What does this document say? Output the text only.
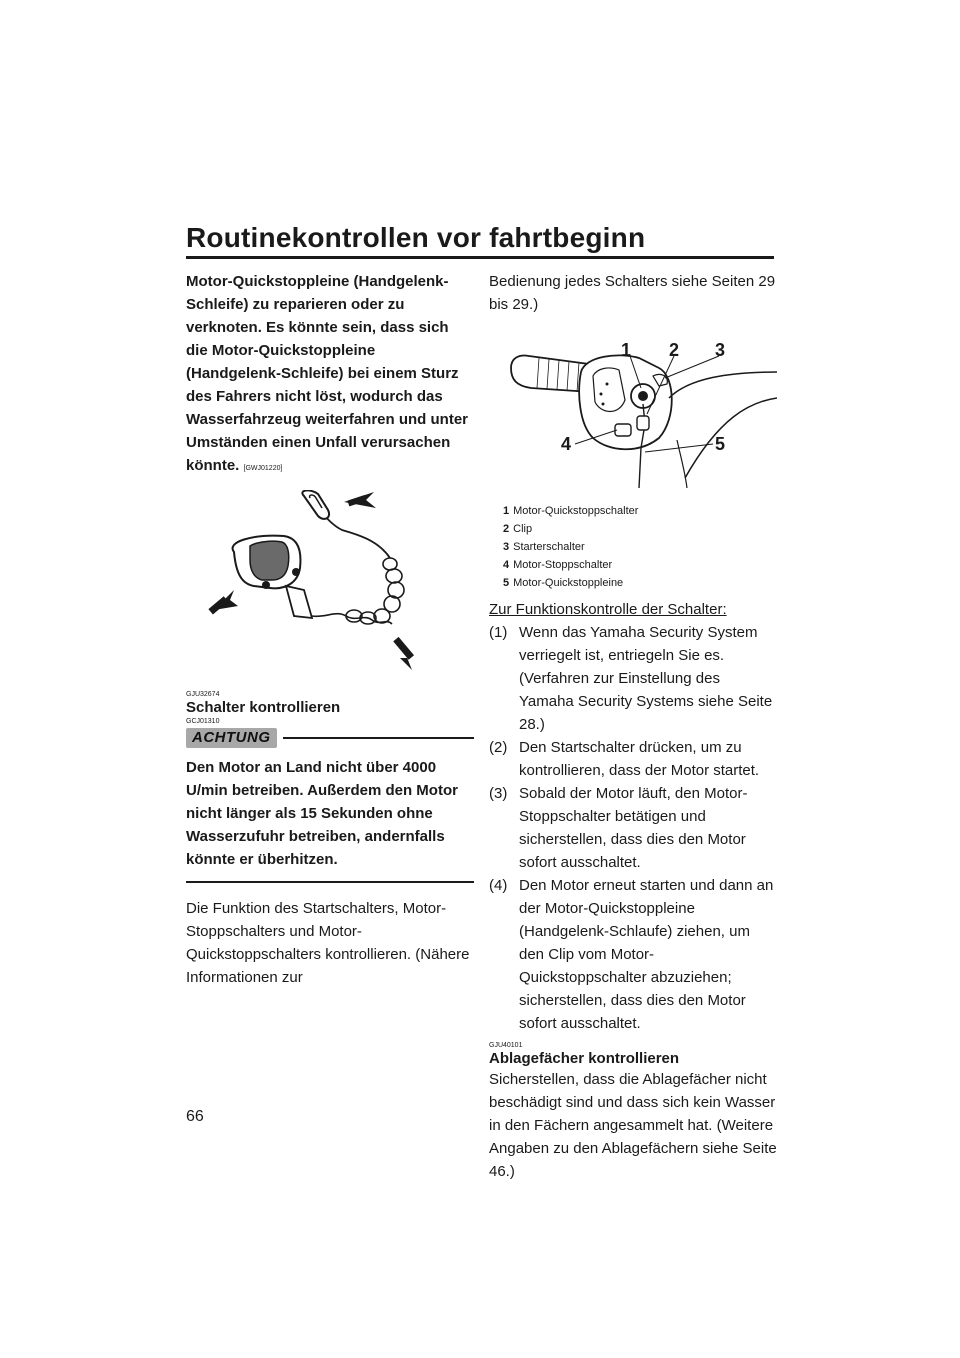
Routinekontrollen vor fahrtbeginn

Motor-Quickstoppleine (Handgelenk-Schleife) zu reparieren oder zu verknoten. Es könnte sein, dass sich die Motor-Quickstoppleine (Handgelenk-Schleife) bei einem Sturz des Fahrers nicht löst, wodurch das Wasserfahrzeug weiterfahren und unter Umständen einen Unfall verursachen könnte. [GWJ01220]

GJU32674

Schalter kontrollieren

GCJ01310

ACHTUNG

Den Motor an Land nicht über 4000 U/min betreiben. Außerdem den Motor nicht länger als 15 Sekunden ohne Wasserzufuhr betreiben, andernfalls könnte er überhitzen.

Die Funktion des Startschalters, Motor-Stoppschalters und Motor-Quickstoppschalters kontrollieren. (Nähere Informationen zur

Bedienung jedes Schalters siehe Seiten 29 bis 29.)

1 2 3
4	5
1 Motor-Quickstoppschalter
2 Clip
3 Starterschalter
4 Motor-Stoppschalter
5 Motor-Quickstoppleine

Zur Funktionskontrolle der Schalter:

(1) Wenn das Yamaha Security System verriegelt ist, entriegeln Sie es. (Verfahren zur Einstellung des Yamaha Security Systems siehe Seite 28.)
(2) Den Startschalter drücken, um zu kontrollieren, dass der Motor startet.
(3) Sobald der Motor läuft, den Motor-Stoppschalter betätigen und sicherstellen, dass dies den Motor sofort ausschaltet.
(4) Den Motor erneut starten und dann an der Motor-Quickstoppleine (Handgelenk-Schlaufe) ziehen, um den Clip vom Motor-Quickstoppschalter abzuziehen; sicherstellen, dass dies den Motor sofort ausschaltet.

GJU40101

Ablagefächer kontrollieren

Sicherstellen, dass die Ablagefächer nicht beschädigt sind und dass sich kein Wasser in den Fächern angesammelt hat. (Weitere Angaben zu den Ablagefächern siehe Seite 46.)

66
